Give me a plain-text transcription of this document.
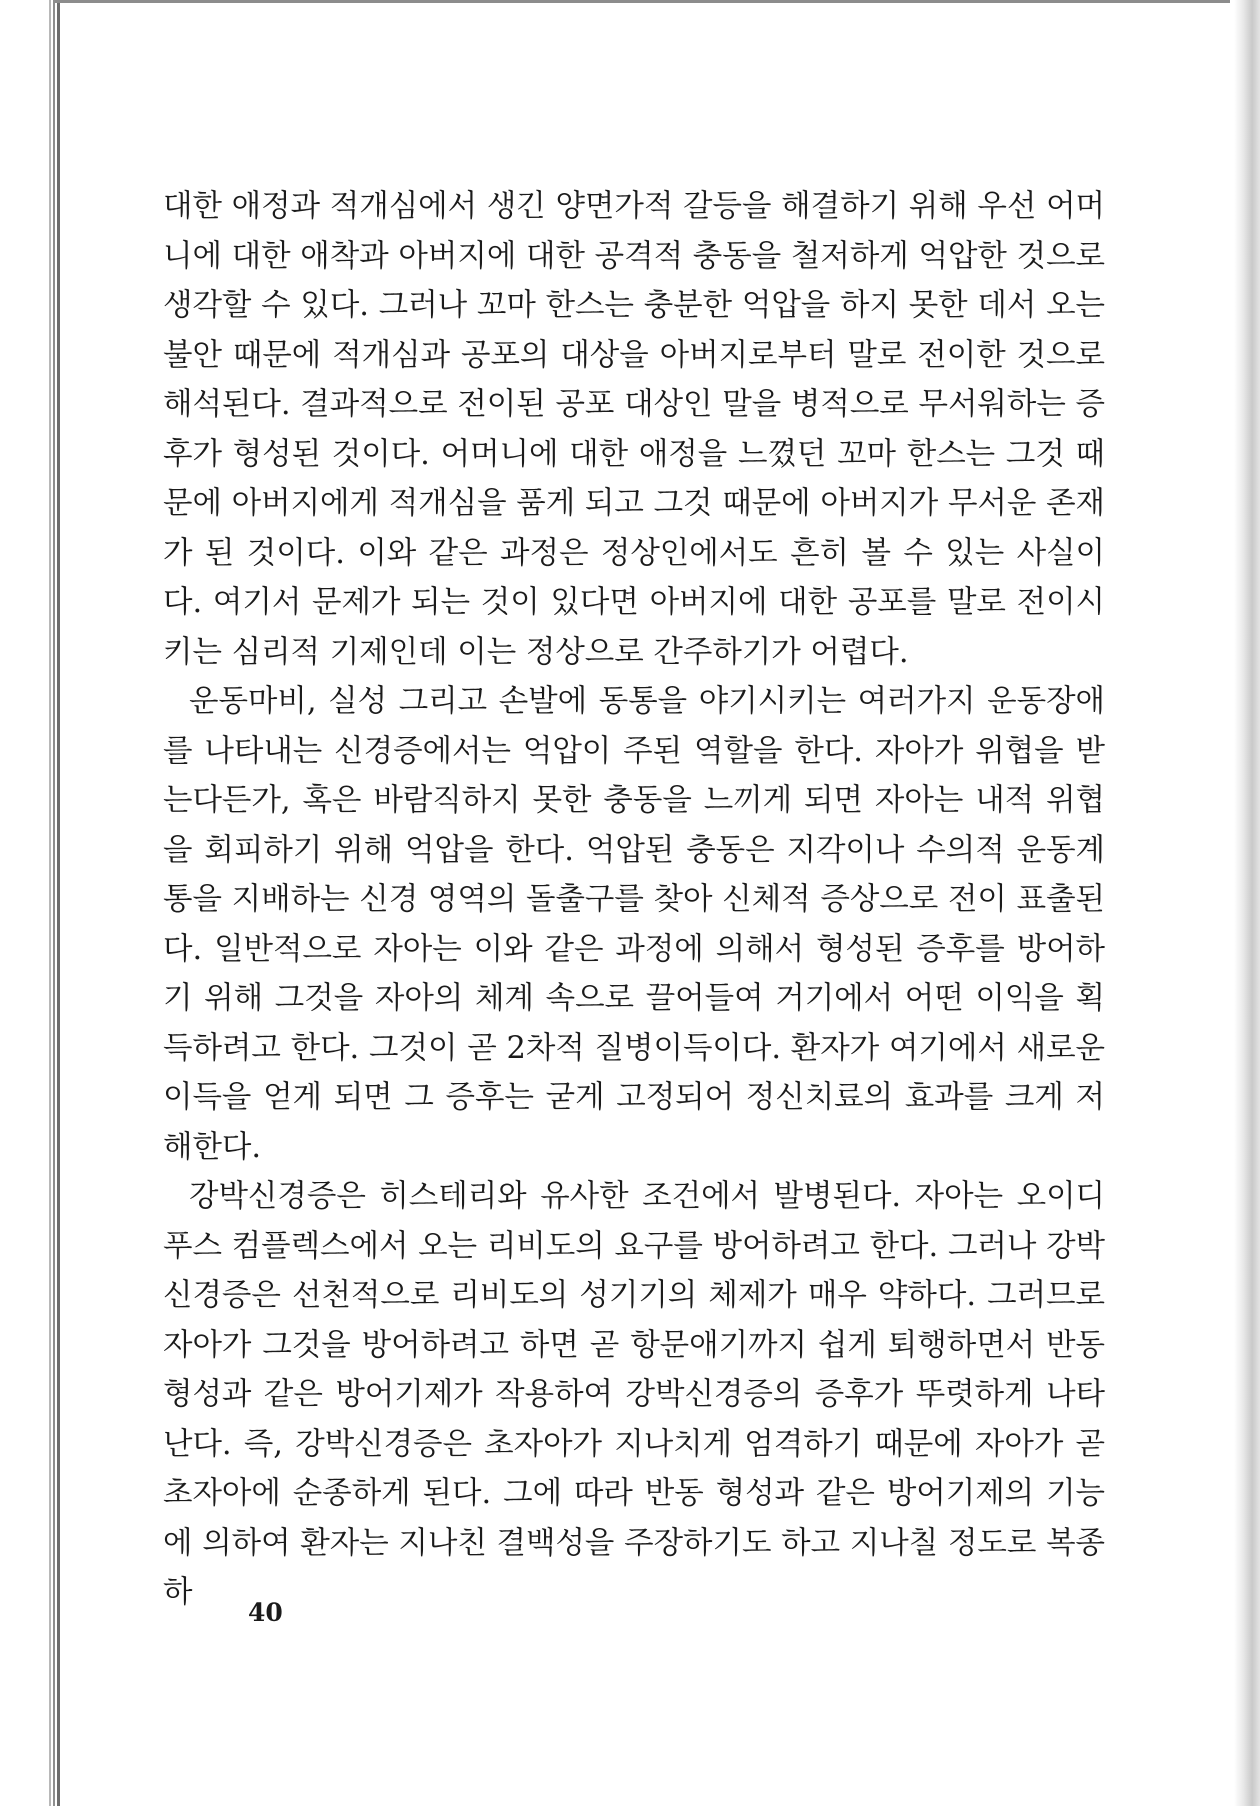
대한 애정과 적개심에서 생긴 양면가적 갈등을 해결하기 위해 우선 어머니에 대한 애착과 아버지에 대한 공격적 충동을 철저하게 억압한 것으로 생각할 수 있다. 그러나 꼬마 한스는 충분한 억압을 하지 못한 데서 오는 불안 때문에 적개심과 공포의 대상을 아버지로부터 말로 전이한 것으로 해석된다. 결과적으로 전이된 공포 대상인 말을 병적으로 무서워하는 증후가 형성된 것이다. 어머니에 대한 애정을 느꼈던 꼬마 한스는 그것 때문에 아버지에게 적개심을 품게 되고 그것 때문에 아버지가 무서운 존재가 된 것이다. 이와 같은 과정은 정상인에서도 흔히 볼 수 있는 사실이다. 여기서 문제가 되는 것이 있다면 아버지에 대한 공포를 말로 전이시키는 심리적 기제인데 이는 정상으로 간주하기가 어렵다.

운동마비, 실성 그리고 손발에 동통을 야기시키는 여러가지 운동장애를 나타내는 신경증에서는 억압이 주된 역할을 한다. 자아가 위협을 받는다든가, 혹은 바람직하지 못한 충동을 느끼게 되면 자아는 내적 위협을 회피하기 위해 억압을 한다. 억압된 충동은 지각이나 수의적 운동계통을 지배하는 신경 영역의 돌출구를 찾아 신체적 증상으로 전이 표출된다. 일반적으로 자아는 이와 같은 과정에 의해서 형성된 증후를 방어하기 위해 그것을 자아의 체계 속으로 끌어들여 거기에서 어떤 이익을 획득하려고 한다. 그것이 곧 2차적 질병이득이다. 환자가 여기에서 새로운 이득을 얻게 되면 그 증후는 굳게 고정되어 정신치료의 효과를 크게 저해한다.

강박신경증은 히스테리와 유사한 조건에서 발병된다. 자아는 오이디푸스 컴플렉스에서 오는 리비도의 요구를 방어하려고 한다. 그러나 강박신경증은 선천적으로 리비도의 성기기의 체제가 매우 약하다. 그러므로 자아가 그것을 방어하려고 하면 곧 항문애기까지 쉽게 퇴행하면서 반동 형성과 같은 방어기제가 작용하여 강박신경증의 증후가 뚜렷하게 나타난다. 즉, 강박신경증은 초자아가 지나치게 엄격하기 때문에 자아가 곧 초자아에 순종하게 된다. 그에 따라 반동 형성과 같은 방어기제의 기능에 의하여 환자는 지나친 결백성을 주장하기도 하고 지나칠 정도로 복종하

40
